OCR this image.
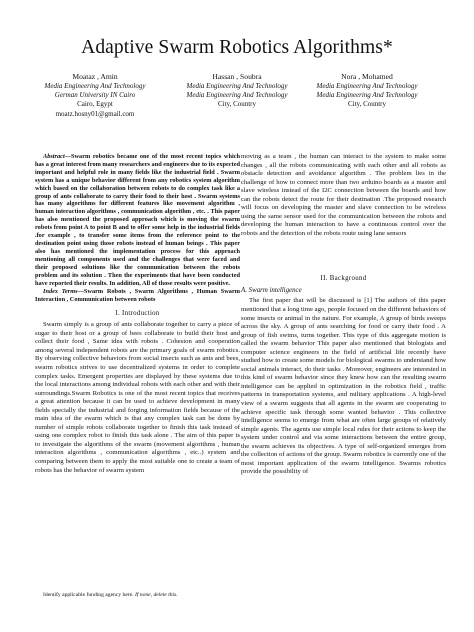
Adaptive Swarm Robotics Algorithms*
Moataz , Amin
Media Engineering And Technology
German University IN Cairo
Cairo, Egypt
moatz.hosny01@gmail.com
Hassan , Soubra
Media Engineering And Technology
Media Engineering And Technology
City, Country
Nora , Mohamed
Media Engineering And Technology
Media Engineering And Technology
City, Country

Abstract—Swarm robotics became one of the most recent topics which has a great interest from many researchers and engineers due to its expected important and helpful role in many fields like the industrial field . Swarm system has a unique behavior different from any robotics system algorithm which based on the collaboration between robots to do complex task like a group of ants collaborate to carry their food to their host . Swarm systems has many algorithms for different features like movement algorithm , human interaction algorithms , communication algorithm , etc. . This paper has also mentioned the proposed approach which is moving the swarm robots from point A to point B and to offer some help in the industrial fields .for example , to transfer some items from the reference point to the destination point using those robots instead of human beings . This paper also has mentioned the implementation process for this approach mentioning all components used and the challenges that were faced and their proposed solutions like the communication between the robots problem and its solution . Then the experiments that have been conducted have reported their results. In addition, All of those results were positive.

Index Terms—Swarm Robots , Swarm Algorithms , Human Swarm Interaction , Communication between robots

I. Introduction

Swarm simply is a group of ants collaborate together to carry a piece of sugar to their host or a group of bees collaborate to build their host and collect their food , Same idea with robots . Cohesion and cooperation among several independent robots are the primary goals of swarm robotics. By observing collective behaviors from social insects such as ants and bees, swarm robotics strives to use decentralized systems in order to complete complex tasks. Emergent properties are displayed by these systems due to the local interactions among individual robots with each other and with their surroundings.Swarm Robotics is one of the most recent topics that receives a great attention because it can be used to achieve development in many fields specially the industrial and forging information fields because of the main idea of the swarm which is that any complex task can be done by number of simple robots collaborate together to finish this task instead of using one complex robot to finish this task alone . The aim of this paper is to investigate the algorithms of the swarm (movement algorithms , human interaction algorithms , communication algorithms , etc..) system and comparing between them to apply the most suitable one to create a team of robots has the behavior of swarm system

moving as a team , the human can interact to the system to make some changes , all the robots communicating with each other and all robots as obstacle detection and avoidance algorithm . The problem lies in the challenge of how to connect more than two arduino boards as a master and slave wireless instead of the I2C connection between the boards and how can the robots detect the route for their destination .The proposed research will focus on developing the master and slave connection to be wireless using the same sensor used for the communication between the robots and developing the human interaction to have a continuous control over the robots and the detection of the robots route using lane sensors

II. Background
A. Swarm intelligence

The first paper that will be discussed is [1] The authors of this paper mentioned that a long time ago, people focused on the different behaviors of some insects or animal in the nature. For example, A group of birds sweeps across the sky. A group of ants searching for food or carry their food . A group of fish swims, turns together. This type of this aggregate motion is called the swarm behavior This paper also mentioned that biologists and computer science engineers in the field of artificial life recently have studied how to create some models for biological swarms to understand how social animals interact, do their tasks . Moreover, engineers are interested in this kind of swarm behavior since they knew how can the resulting swarm intelligence can be applied in optimization in the robotics field , traffic patterns in transportation systems, and military applications . A high-level view of a swarm suggests that all agents in the swarm are cooperating to achieve specific task through some wanted behavior . This collective intelligence seems to emerge from what are often large groups of relatively simple agents. The agents use simple local rules for their actions to keep the system under control and via some interactions between the entire group, the swarm achieves its objectives. A type of self-organized emerges from the collection of actions of the group. Swarm robotics is currently one of the most important application of the swarm intelligence. Swarms robotics provide the possibility of

Identify applicable funding agency here. If none, delete this.
